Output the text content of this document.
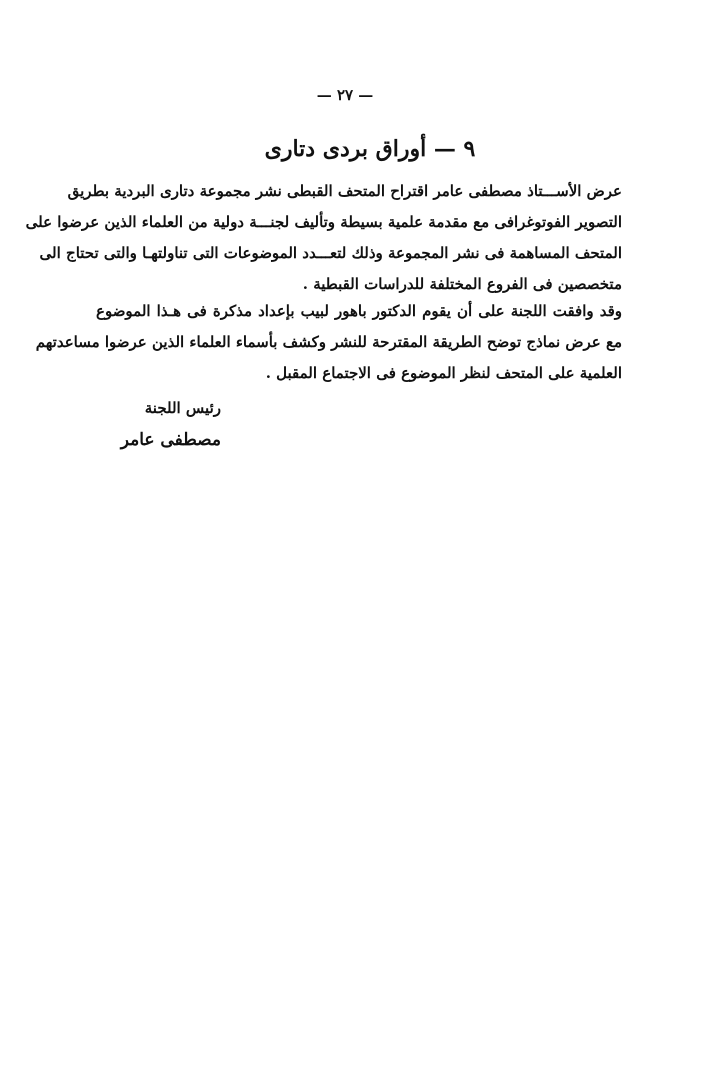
— ٢٧ —
٩ — أوراق بردى دتارى
عرض الأســـتاذ مصطفى عامر اقتراح المتحف القبطى نشر مجموعة دتارى البردية بطريق
التصوير الفوتوغرافى مع مقدمة علمية بسيطة وتأليف لجنـــة دولية من العلماء الذين عرضوا على
المتحف المساهمة فى نشر المجموعة وذلك لتعـــدد الموضوعات التى تناولتهـا والتى تحتاج الى
متخصصين فى الفروع المختلفة للدراسات القبطية .
وقد وافقت اللجنة على أن يقوم الدكتور باهور لبيب بإعداد مذكرة فى هـذا الموضوع
مع عرض نماذج توضح الطريقة المقترحة للنشر وكشف بأسماء العلماء الذين عرضوا مساعدتهم
العلمية على المتحف لنظر الموضوع فى الاجتماع المقبل .
رئيس اللجنة
مصطفى عامر
